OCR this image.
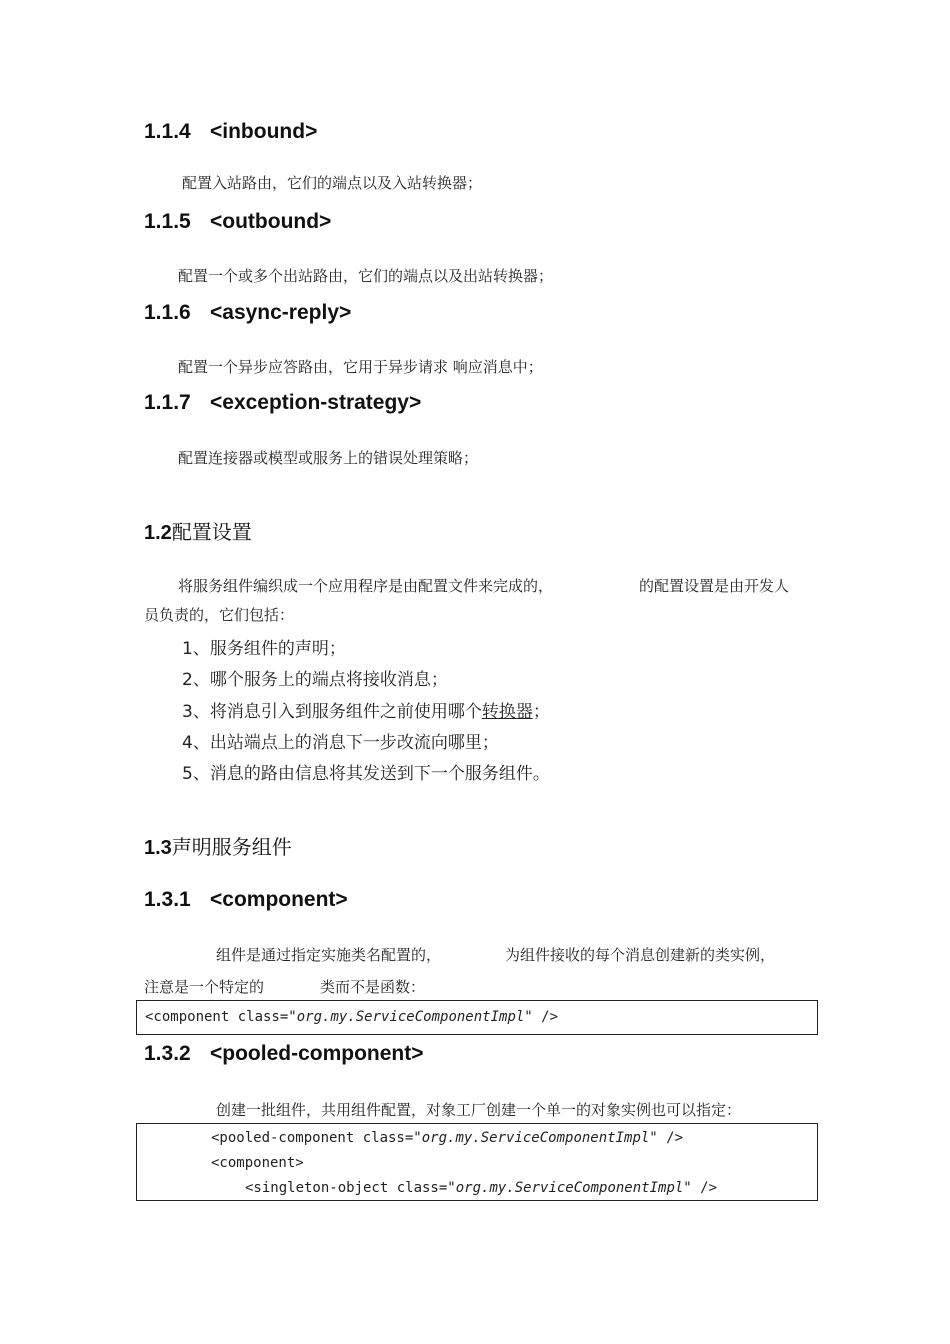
1.1.4 <inbound>
配置入站路由，它们的端点以及入站转换器；
1.1.5 <outbound>
配置一个或多个出站路由，它们的端点以及出站转换器；
1.1.6 <async-reply>
配置一个异步应答路由，它用于异步请求 响应消息中；
1.1.7 <exception-strategy>
配置连接器或模型或服务上的错误处理策略；
1.2配置设置
将服务组件编织成一个应用程序是由配置文件来完成的，	的配置设置是由开发人
员负责的，它们包括：
1、服务组件的声明；
2、哪个服务上的端点将接收消息；
3、将消息引入到服务组件之前使用哪个转换器；
4、出站端点上的消息下一步改流向哪里；
5、消息的路由信息将其发送到下一个服务组件。
1.3声明服务组件
1.3.1 <component>
组件是通过指定实施类名配置的，	为组件接收的每个消息创建新的类实例，
注意是一个特定的	类而不是函数：
<component class="org.my.ServiceComponentImpl" />
1.3.2 <pooled-component>
创建一批组件，共用组件配置，对象工厂创建一个单一的对象实例也可以指定：
<pooled-component class="org.my.ServiceComponentImpl" />
<component>
<singleton-object class="org.my.ServiceComponentImpl" />
